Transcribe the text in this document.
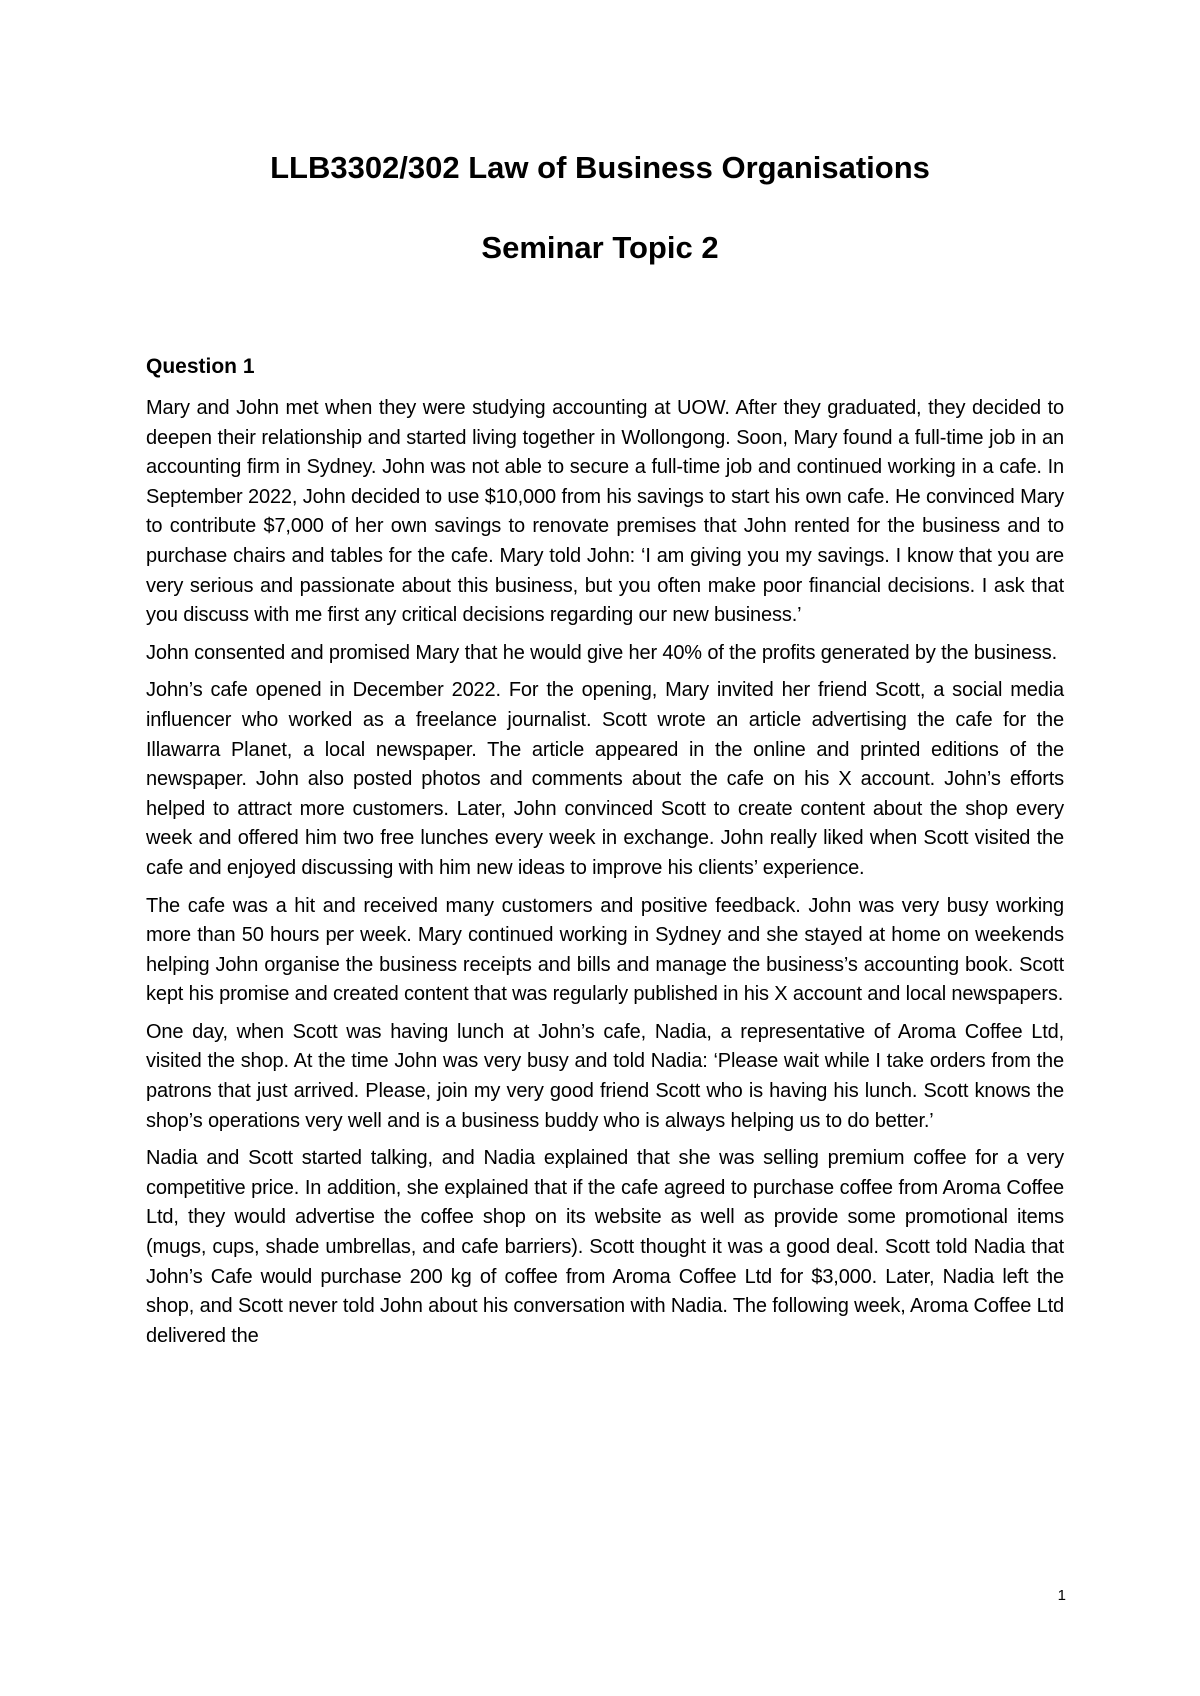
LLB3302/302 Law of Business Organisations
Seminar Topic 2
Question 1

Mary and John met when they were studying accounting at UOW. After they graduated, they decided to deepen their relationship and started living together in Wollongong. Soon, Mary found a full-time job in an accounting firm in Sydney. John was not able to secure a full-time job and continued working in a cafe. In September 2022, John decided to use $10,000 from his savings to start his own cafe. He convinced Mary to contribute $7,000 of her own savings to renovate premises that John rented for the business and to purchase chairs and tables for the cafe. Mary told John: ‘I am giving you my savings. I know that you are very serious and passionate about this business, but you often make poor financial decisions. I ask that you discuss with me first any critical decisions regarding our new business.’

John consented and promised Mary that he would give her 40% of the profits generated by the business.

John’s cafe opened in December 2022. For the opening, Mary invited her friend Scott, a social media influencer who worked as a freelance journalist. Scott wrote an article advertising the cafe for the Illawarra Planet, a local newspaper. The article appeared in the online and printed editions of the newspaper. John also posted photos and comments about the cafe on his X account. John’s efforts helped to attract more customers. Later, John convinced Scott to create content about the shop every week and offered him two free lunches every week in exchange. John really liked when Scott visited the cafe and enjoyed discussing with him new ideas to improve his clients’ experience.

The cafe was a hit and received many customers and positive feedback. John was very busy working more than 50 hours per week. Mary continued working in Sydney and she stayed at home on weekends helping John organise the business receipts and bills and manage the business’s accounting book. Scott kept his promise and created content that was regularly published in his X account and local newspapers.

One day, when Scott was having lunch at John’s cafe, Nadia, a representative of Aroma Coffee Ltd, visited the shop. At the time John was very busy and told Nadia: ‘Please wait while I take orders from the patrons that just arrived. Please, join my very good friend Scott who is having his lunch. Scott knows the shop’s operations very well and is a business buddy who is always helping us to do better.’

Nadia and Scott started talking, and Nadia explained that she was selling premium coffee for a very competitive price. In addition, she explained that if the cafe agreed to purchase coffee from Aroma Coffee Ltd, they would advertise the coffee shop on its website as well as provide some promotional items (mugs, cups, shade umbrellas, and cafe barriers). Scott thought it was a good deal. Scott told Nadia that John’s Cafe would purchase 200 kg of coffee from Aroma Coffee Ltd for $3,000. Later, Nadia left the shop, and Scott never told John about his conversation with Nadia. The following week, Aroma Coffee Ltd delivered the

1
